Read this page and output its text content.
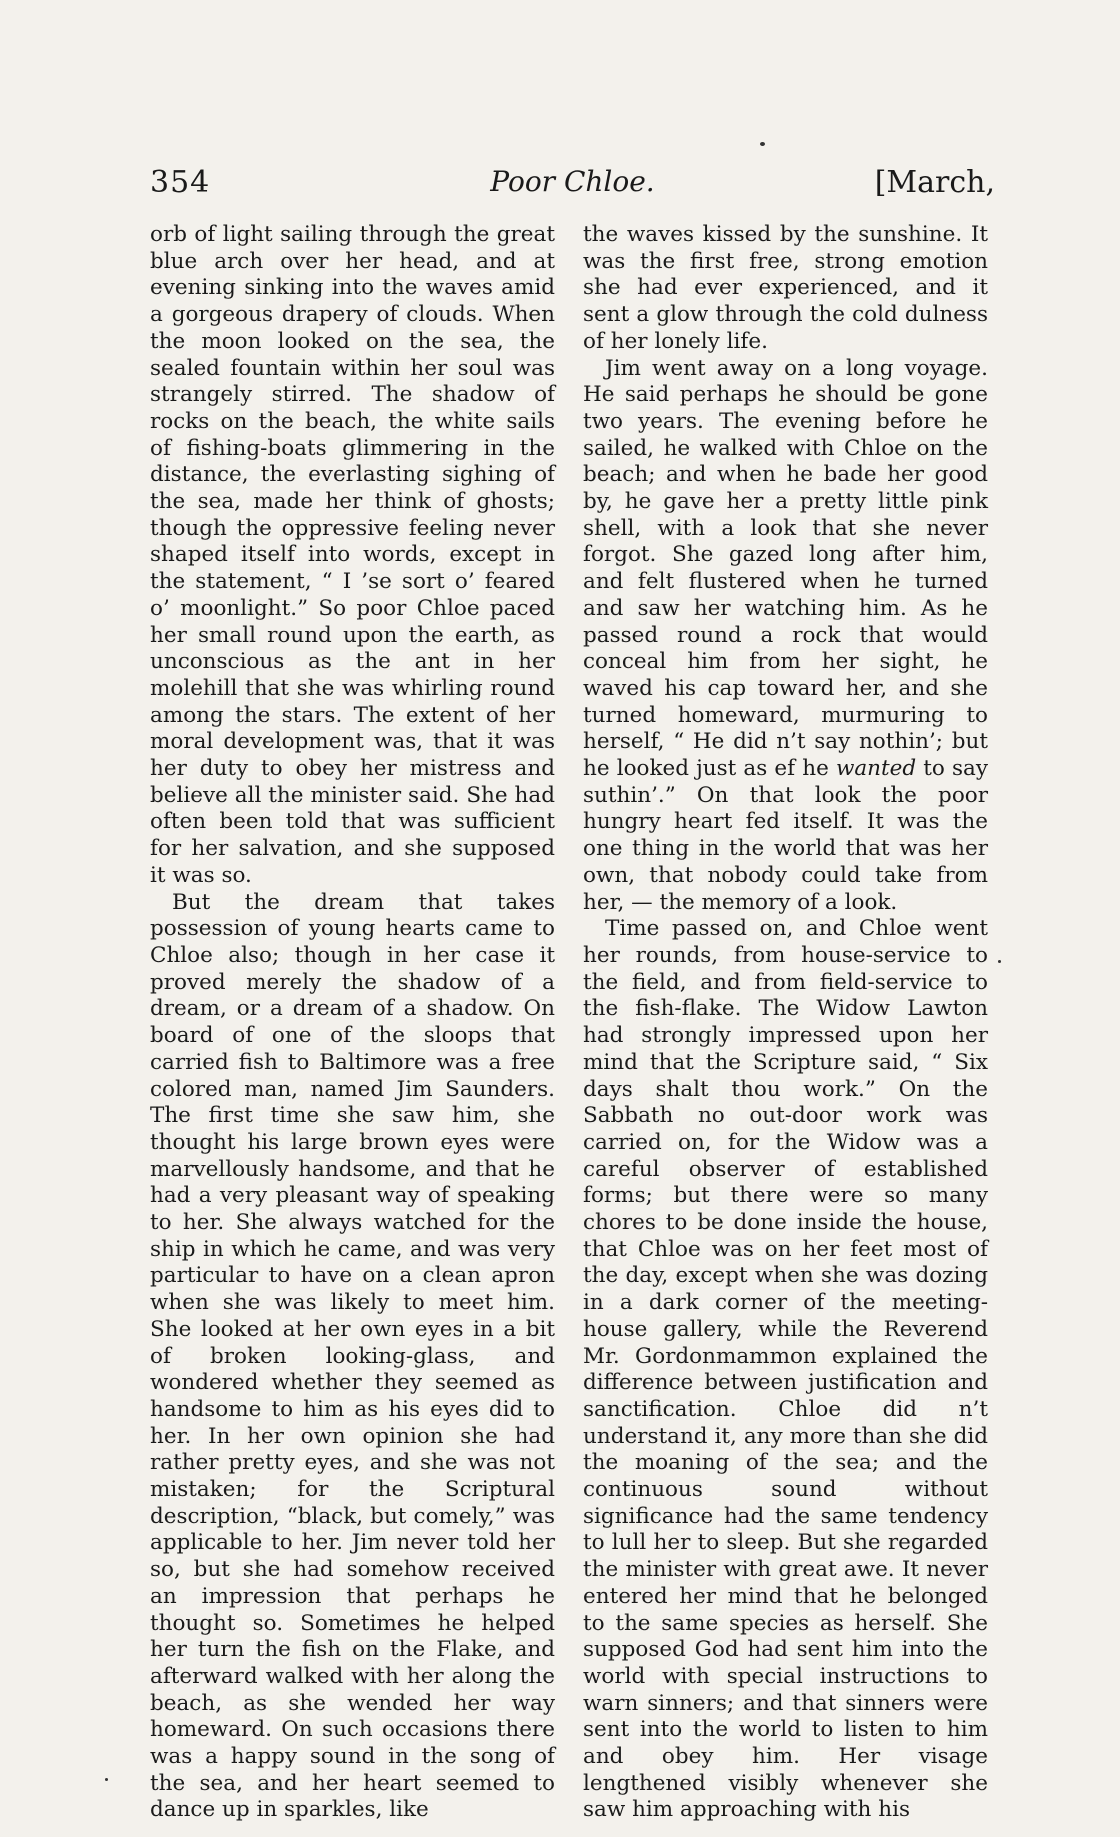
354	Poor Chloe.	[March,

orb of light sailing through the great blue arch over her head, and at evening sinking into the waves amid a gorgeous drapery of clouds. When the moon looked on the sea, the sealed fountain within her soul was strangely stirred. The shadow of rocks on the beach, the white sails of fishing-boats glimmering in the distance, the everlasting sighing of the sea, made her think of ghosts; though the oppressive feeling never shaped itself into words, except in the statement, “ I ’se sort o’ feared o’ moonlight.” So poor Chloe paced her small round upon the earth, as unconscious as the ant in her molehill that she was whirling round among the stars. The extent of her moral development was, that it was her duty to obey her mistress and believe all the minister said. She had often been told that was sufficient for her salvation, and she supposed it was so.

But the dream that takes possession of young hearts came to Chloe also; though in her case it proved merely the shadow of a dream, or a dream of a shadow. On board of one of the sloops that carried fish to Baltimore was a free colored man, named Jim Saunders. The first time she saw him, she thought his large brown eyes were marvellously handsome, and that he had a very pleasant way of speaking to her. She always watched for the ship in which he came, and was very particular to have on a clean apron when she was likely to meet him. She looked at her own eyes in a bit of broken looking-glass, and wondered whether they seemed as handsome to him as his eyes did to her. In her own opinion she had rather pretty eyes, and she was not mistaken; for the Scriptural description, “black, but comely,” was applicable to her. Jim never told her so, but she had somehow received an impression that perhaps he thought so. Sometimes he helped her turn the fish on the Flake, and afterward walked with her along the beach, as she wended her way homeward. On such occasions there was a happy sound in the song of the sea, and her heart seemed to dance up in sparkles, like

the waves kissed by the sunshine. It was the first free, strong emotion she had ever experienced, and it sent a glow through the cold dulness of her lonely life.

Jim went away on a long voyage. He said perhaps he should be gone two years. The evening before he sailed, he walked with Chloe on the beach; and when he bade her good by, he gave her a pretty little pink shell, with a look that she never forgot. She gazed long after him, and felt flustered when he turned and saw her watching him. As he passed round a rock that would conceal him from her sight, he waved his cap toward her, and she turned homeward, murmuring to herself, “ He did n’t say nothin’; but he looked just as ef he wanted to say suthin’.” On that look the poor hungry heart fed itself. It was the one thing in the world that was her own, that nobody could take from her, — the memory of a look.

Time passed on, and Chloe went her rounds, from house-service to the field, and from field-service to the fish-flake. The Widow Lawton had strongly impressed upon her mind that the Scripture said, “ Six days shalt thou work.” On the Sabbath no out-door work was carried on, for the Widow was a careful observer of established forms; but there were so many chores to be done inside the house, that Chloe was on her feet most of the day, except when she was dozing in a dark corner of the meeting-house gallery, while the Reverend Mr. Gordonmammon explained the difference between justification and sanctification. Chloe did n’t understand it, any more than she did the moaning of the sea; and the continuous sound without significance had the same tendency to lull her to sleep. But she regarded the minister with great awe. It never entered her mind that he belonged to the same species as herself. She supposed God had sent him into the world with special instructions to warn sinners; and that sinners were sent into the world to listen to him and obey him. Her visage lengthened visibly whenever she saw him approaching with his
